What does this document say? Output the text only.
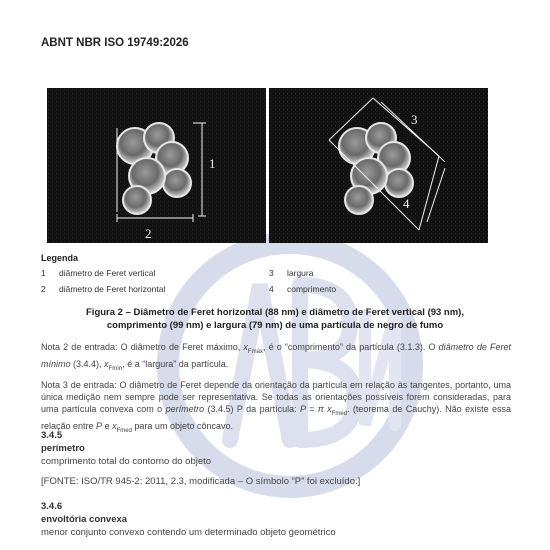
ABNT NBR ISO 19749:2026
2
1
3
4
Legenda
1 diâmetro de Feret vertical
2 diâmetro de Feret horizontal
3 largura
4 comprimento
Figura 2 – Diâmetro de Feret horizontal (88 nm) e diâmetro de Feret vertical (93 nm),
comprimento (99 nm) e largura (79 nm) de uma partícula de negro de fumo
Nota 2 de entrada: O diâmetro de Feret máximo, $x_{Fmáx}$, é o “comprimento” da partícula (3.1.3). O diâmetro de Feret mínimo (3.4.4), $x_{Fmín}$, é a “largura” da partícula.
Nota 3 de entrada: O diâmetro de Feret depende da orientação da partícula em relação às tangentes, portanto, uma única medição nem sempre pode ser representativa. Se todas as orientações possíveis forem consideradas, para uma partícula convexa com o perímetro (3.4.5) P da partícula: P = π $x_{Fmed}$. (teorema de Cauchy). Não existe essa relação entre P e $x_{Fmed}$ para um objeto côncavo.
3.4.5
perímetro
comprimento total do contorno do objeto
[FONTE: ISO/TR 945-2: 2011, 2.3, modificada – O símbolo “P” foi excluído.]
3.4.6
envoltória convexa
menor conjunto convexo contendo um determinado objeto geométrico
